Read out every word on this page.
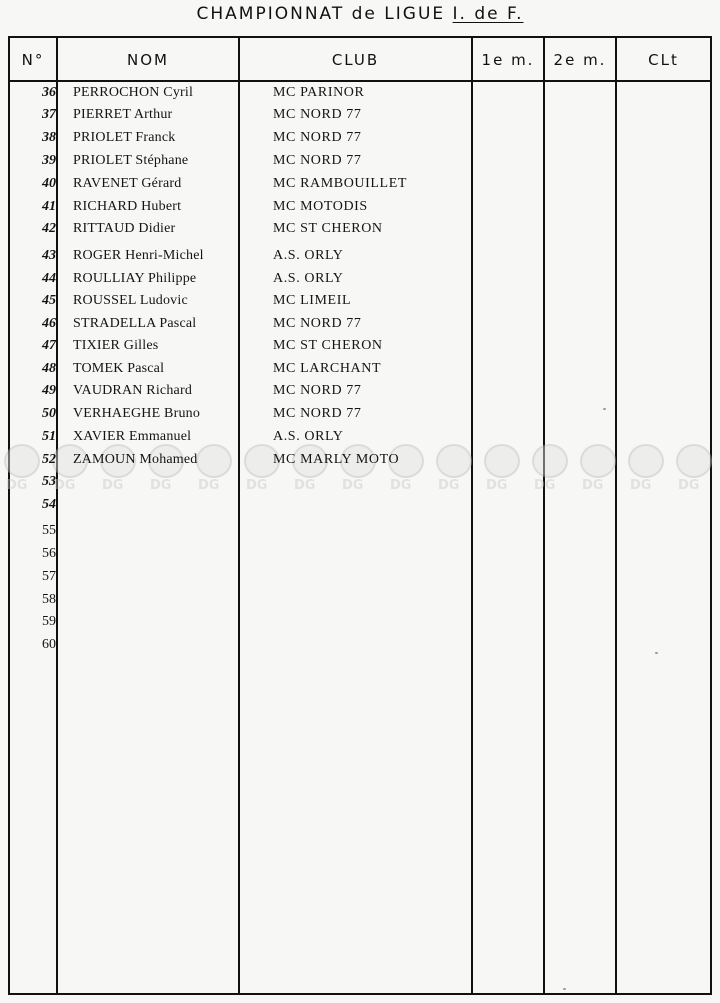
CHAMPIONNAT de LIGUE I. de F.
N°	NOM	CLUB	1e m.	2e m.	CLt
DG DG DG DG DG DG DG DG DG DG DG DG DG DG DG
36 PERROCHON Cyril	MC PARINOR
37 PIERRET Arthur	MC NORD 77
38 PRIOLET Franck	MC NORD 77
39 PRIOLET Stéphane	MC NORD 77
40 RAVENET Gérard	MC RAMBOUILLET
41 RICHARD Hubert	MC MOTODIS
42 RITTAUD Didier	MC ST CHERON
43 ROGER Henri-Michel	A.S. ORLY
44 ROULLIAY Philippe	A.S. ORLY
45 ROUSSEL Ludovic	MC LIMEIL
46 STRADELLA Pascal	MC NORD 77
47 TIXIER Gilles	MC ST CHERON
48 TOMEK Pascal	MC LARCHANT
49 VAUDRAN Richard	MC NORD 77
50 VERHAEGHE Bruno	MC NORD 77
51 XAVIER Emmanuel	A.S. ORLY
52 ZAMOUN Mohamed	MC MARLY MOTO
53
54
55
56
57
58
59
60
